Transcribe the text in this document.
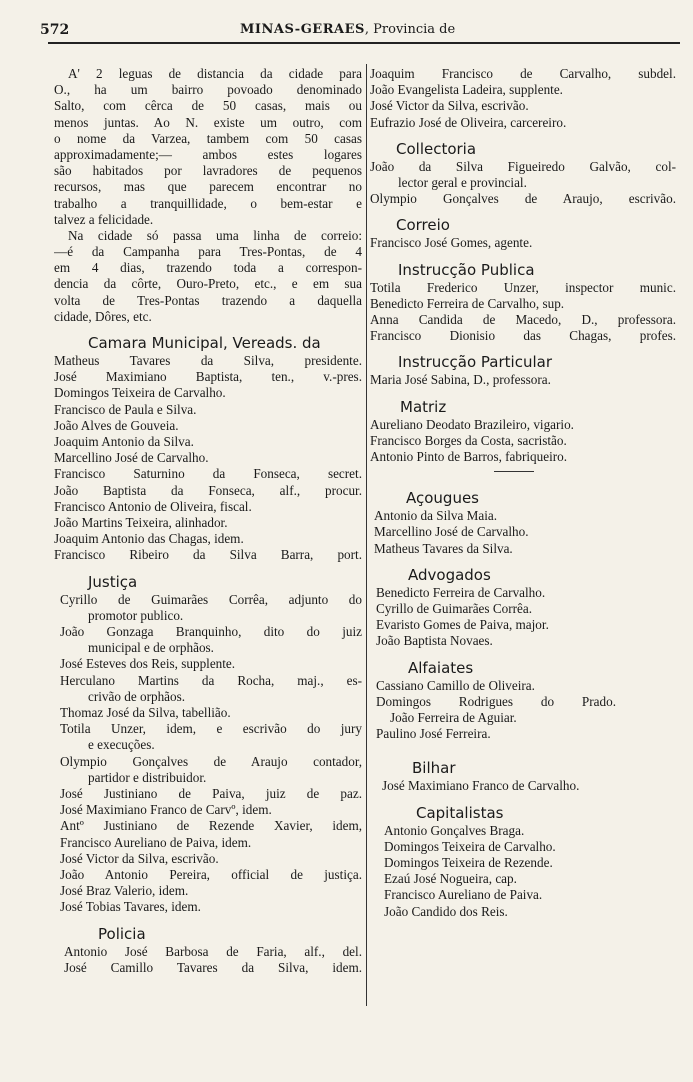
572	MINAS-GERAES, Provincia de
A' 2 leguas de distancia da cidade para
O., ha um bairro povoado denominado
Salto, com cêrca de 50 casas, mais ou
menos juntas. Ao N. existe um outro, com
o nome da Varzea, tambem com 50 casas
approximadamente;— ambos estes logares
são habitados por lavradores de pequenos
recursos, mas que parecem encontrar no
trabalho a tranquillidade, o bem-estar e
talvez a felicidade.
Na cidade só passa uma linha de correio:
—é da Campanha para Tres-Pontas, de 4
em 4 dias, trazendo toda a correspon-
dencia da côrte, Ouro-Preto, etc., e em sua
volta de Tres-Pontas trazendo a daquella
cidade, Dôres, etc.
Camara Municipal, Vereads. da
Matheus Tavares da Silva, presidente.
José Maximiano Baptista, ten., v.-pres.
Domingos Teixeira de Carvalho.
Francisco de Paula e Silva.
João Alves de Gouveia.
Joaquim Antonio da Silva.
Marcellino José de Carvalho.
Francisco Saturnino da Fonseca, secret.
João Baptista da Fonseca, alf., procur.
Francisco Antonio de Oliveira, fiscal.
João Martins Teixeira, alinhador.
Joaquim Antonio das Chagas, idem.
Francisco Ribeiro da Silva Barra, port.
Justiça
Cyrillo de Guimarães Corrêa, adjunto do
promotor publico.
João Gonzaga Branquinho, dito do juiz
municipal e de orphãos.
José Esteves dos Reis, supplente.
Herculano Martins da Rocha, maj., es-
crivão de orphãos.
Thomaz José da Silva, tabellião.
Totila Unzer, idem, e escrivão do jury
e execuções.
Olympio Gonçalves de Araujo contador,
partidor e distribuidor.
José Justiniano de Paiva, juiz de paz.
José Maximiano Franco de Carvº, idem.
Antº Justiniano de Rezende Xavier, idem,
Francisco Aureliano de Paiva, idem.
José Victor da Silva, escrivão.
João Antonio Pereira, official de justiça.
José Braz Valerio, idem.
José Tobias Tavares, idem.
Policia
Antonio José Barbosa de Faria, alf., del.
José Camillo Tavares da Silva, idem.
Joaquim Francisco de Carvalho, subdel.
João Evangelista Ladeira, supplente.
José Victor da Silva, escrivão.
Eufrazio José de Oliveira, carcereiro.
Collectoria
João da Silva Figueiredo Galvão, col-
lector geral e provincial.
Olympio Gonçalves de Araujo, escrivão.
Correio
Francisco José Gomes, agente.
Instrucção Publica
Totila Frederico Unzer, inspector munic.
Benedicto Ferreira de Carvalho, sup.
Anna Candida de Macedo, D., professora.
Francisco Dionisio das Chagas, profes.
Instrucção Particular
Maria José Sabina, D., professora.
Matriz
Aureliano Deodato Brazileiro, vigario.
Francisco Borges da Costa, sacristão.
Antonio Pinto de Barros, fabriqueiro.
Açougues
Antonio da Silva Maia.
Marcellino José de Carvalho.
Matheus Tavares da Silva.
Advogados
Benedicto Ferreira de Carvalho.
Cyrillo de Guimarães Corrêa.
Evaristo Gomes de Paiva, major.
João Baptista Novaes.
Alfaiates
Cassiano Camillo de Oliveira.
Domingos Rodrigues do Prado.
João Ferreira de Aguiar.
Paulino José Ferreira.
Bilhar
José Maximiano Franco de Carvalho.
Capitalistas
Antonio Gonçalves Braga.
Domingos Teixeira de Carvalho.
Domingos Teixeira de Rezende.
Ezaú José Nogueira, cap.
Francisco Aureliano de Paiva.
João Candido dos Reis.
